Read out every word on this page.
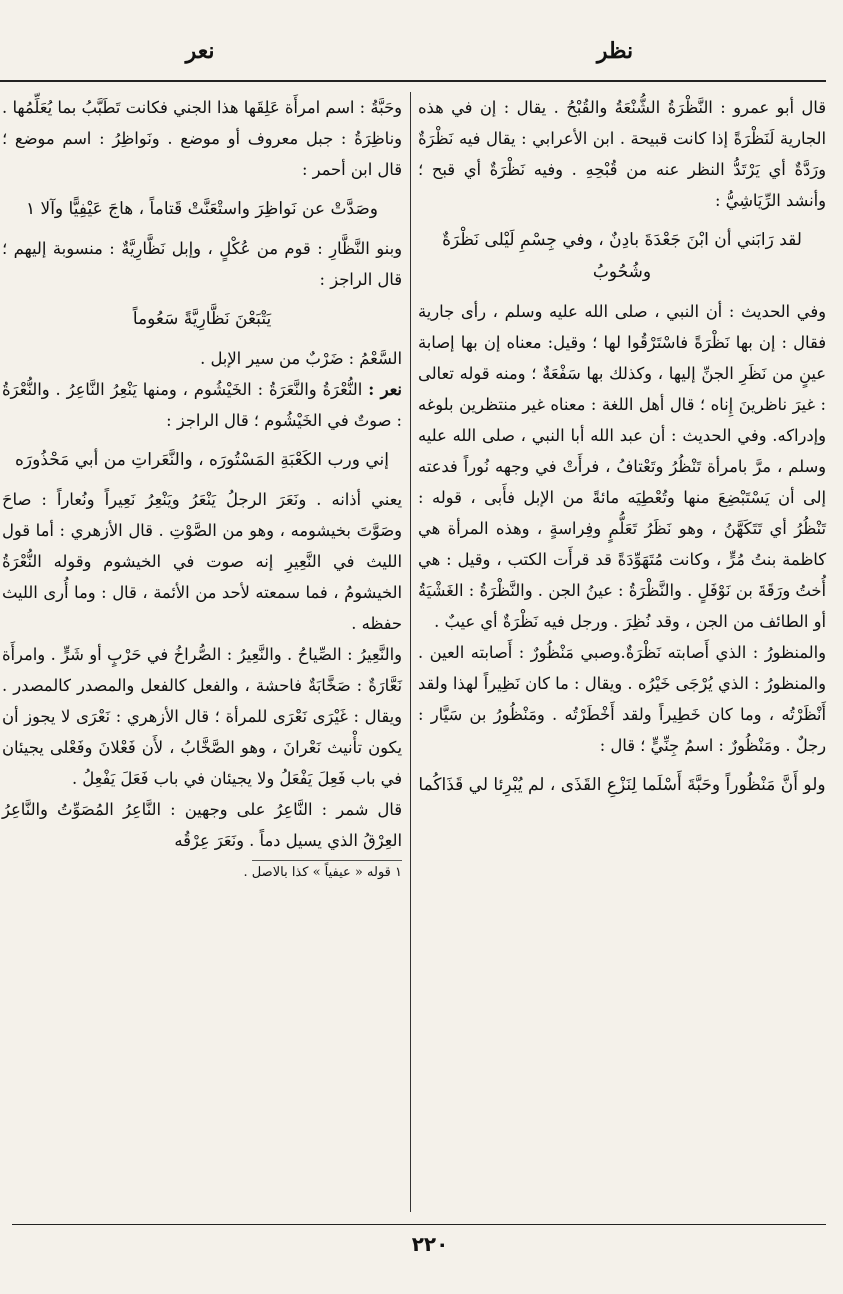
نظر
نعر

قال أبو عمرو : النَّظْرَةُ الشُّنْعَةُ والقُبْحُ . يقال : إن في هذه الجارية لَنَظْرَةً إذا كانت قبيحة . ابن الأعرابي : يقال فيه نَظْرَةٌ ورَدَّةٌ أي يَرْتَدُّ النظر عنه من قُبْحِهِ . وفيه نَظْرَةٌ أي قبح ؛ وأنشد الرِّيَاشِيُّ :

لقد رَابَني أن ابْنَ جَعْدَةَ بادِنٌ ، وفي جِسْمِ لَيْلى نَظْرَةٌ وشُحُوبُ

وفي الحديث : أن النبي ، صلى الله عليه وسلم ، رأى جارية فقال : إن بها نَظْرَةً فاسْتَرْقُوا لها ؛ وقيل: معناه إن بها إصابة عينٍ من نَظَرِ الجنِّ إليها ، وكذلك بها سَفْعَةٌ ؛ ومنه قوله تعالى : غيرَ ناظرينَ إِناه ؛ قال أهل اللغة : معناه غير منتظرين بلوغه وإدراكه. وفي الحديث : أن عبد الله أبا النبي ، صلى الله عليه وسلم ، مرَّ بامرأة تَنْظُرُ وتَعْتافُ ، فرأَتْ في وجهه نُوراً فدعته إلى أن يَسْتَبْضِعَ منها وتُعْطِيَه مائةً من الإبل فأَبى ، قوله : تَنْظُرُ أي تَتَكَهَّنُ ، وهو نَظَرُ تَعَلُّمٍ وفِراسةٍ ، وهذه المرأة هي كاظمة بنتُ مُرٍّ ، وكانت مُتَهَوِّدَةً قد قرأَت الكتب ، وقيل : هي أُختُ ورَقَةَ بن نَوْفَلٍ . والنَّظْرَةُ : عينُ الجن . والنَّظْرَةُ : الغَشْيَةُ أو الطائف من الجن ، وقد نُظِرَ . ورجل فيه نَظْرَةٌ أي عيبٌ .

والمنظورُ : الذي أَصابته نَظْرَةٌ.وصبي مَنْظُورٌ : أَصابته العين . والمنظورُ : الذي يُرْجَى خَيْرُه . ويقال : ما كان نَظِيراً لهذا ولقد أَنْظَرْتُه ، وما كان خَطِيراً ولقد أَخْطَرْتُه . ومَنْظُورُ بن سَيَّار : رجلٌ . ومَنْظُورٌ : اسمُ جِنِّيٍّ ؛ قال :

ولو أَنَّ مَنْظُوراً وحَبَّةَ أَسْلَما لِنَزْعِ القَذَى ، لم يُبْرِئا لي قَذَاكُما

وحَبَّةُ : اسم امرأَة عَلِقَها هذا الجني فكانت تَطَبَّبُ بما يُعَلِّمُها . وناظِرَةُ : جبل معروف أو موضع . ونَواظِرُ : اسم موضع ؛ قال ابن أحمر :

وصَدَّتْ عن نَواظِرَ واستْعَنَّتْ قَتاماً ، هاجَ عَيْفِيًّا وآلا ١

وبنو النَّظَّارِ : قوم من عُكْلٍ ، وإبل نَظَّارِيَّةٌ : منسوبة إليهم ؛ قال الراجز :

يَتْبَعْنَ نَظَّارِيَّةً سَعُوماً

السَّعْمُ : ضَرْبٌ من سير الإبل .

نعر : النُّعْرَةُ والنَّعَرَةُ : الخَيْشُوم ، ومنها يَنْعِرُ النَّاعِرُ . والنُّعْرَةُ : صوتٌ في الخَيْشُوم ؛ قال الراجز :

إني ورب الكَعْبَةِ المَسْتُورَه ، والنَّعَراتِ من أبي مَحْذُورَه

يعني أذانه . ونَعَرَ الرجلُ يَنْعَرُ ويَنْعِرُ نَعِيراً ونُعاراً : صاحَ وصَوَّتَ بخيشومه ، وهو من الصَّوْتِ . قال الأزهري : أما قول الليث في النَّعِيرِ إنه صوت في الخيشوم وقوله النُّعْرَةُ الخيشومُ ، فما سمعته لأحد من الأئمة ، قال : وما أُرى الليث حفظه .

والنَّعِيرُ : الصِّياحُ . والنَّعِيرُ : الصُّراخُ في حَرْبٍ أو شَرٍّ . وامرأَة نَعَّارَةٌ : صَخَّابَةٌ فاحشة ، والفعل كالفعل والمصدر كالمصدر . ويقال : غَيْرَى نَعْرَى للمرأة ؛ قال الأزهري : نَعْرَى لا يجوز أن يكون تأْنيث نَعْرانَ ، وهو الصَّخَّابُ ، لأَن فَعْلانَ وفَعْلى يجيئان في باب فَعِلَ يَفْعَلُ ولا يجيئان في باب فَعَلَ يَفْعِلُ .

قال شمر : النَّاعِرُ على وجهين : النَّاعِرُ المُصَوِّتُ والنَّاعِرُ العِرْقُ الذي يسيل دماً . ونَعَرَ عِرْقُه

١ قوله « عيفياً » كذا بالاصل .

٢٢٠
